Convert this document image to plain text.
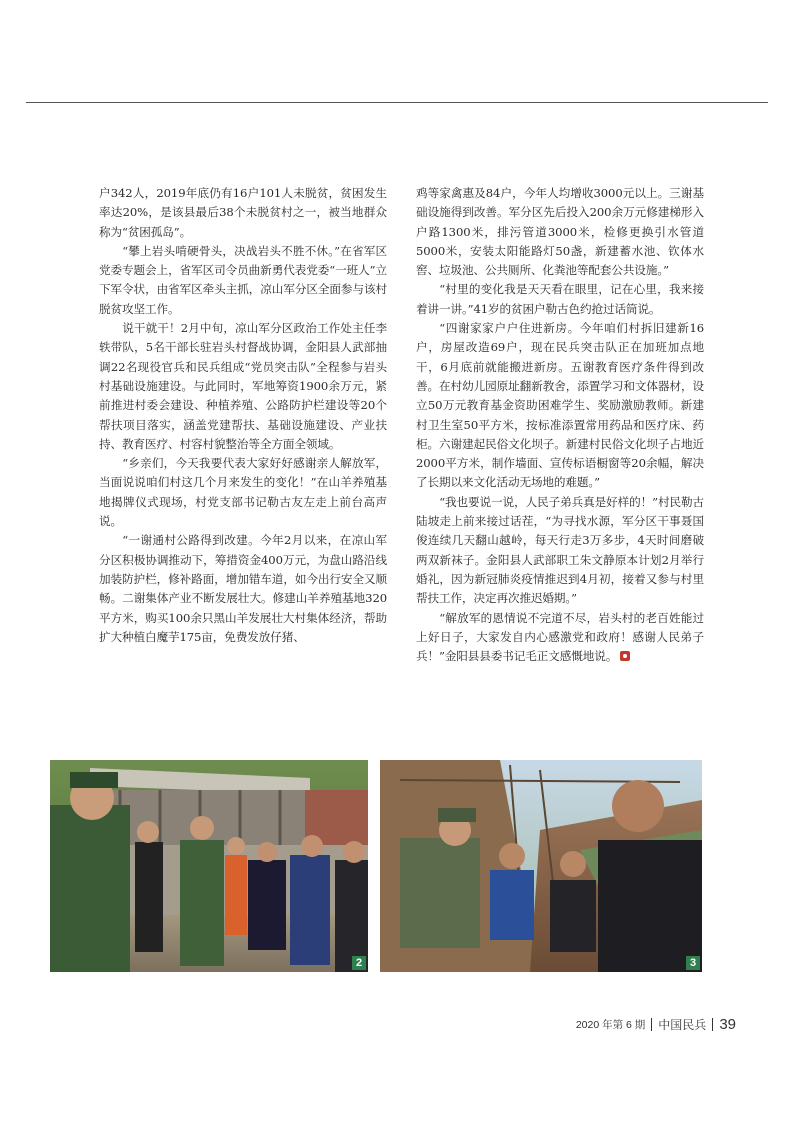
户342人，2019年底仍有16户101人未脱贫，贫困发生率达20%，是该县最后38个未脱贫村之一，被当地群众称为“贫困孤岛”。

“攀上岩头啃硬骨头，决战岩头不胜不休。”在省军区党委专题会上，省军区司令员曲新勇代表党委“一班人”立下军令状，由省军区牵头主抓，凉山军分区全面参与该村脱贫攻坚工作。

说干就干！2月中旬，凉山军分区政治工作处主任李轶带队，5名干部长驻岩头村督战协调，金阳县人武部抽调22名现役官兵和民兵组成“党员突击队”全程参与岩头村基础设施建设。与此同时，军地筹资1900余万元，紧前推进村委会建设、种植养殖、公路防护栏建设等20个帮扶项目落实，涵盖党建帮扶、基础设施建设、产业扶持、教育医疗、村容村貌整治等全方面全领域。

“乡亲们，今天我要代表大家好好感谢亲人解放军，当面说说咱们村这几个月来发生的变化！”在山羊养殖基地揭牌仪式现场，村党支部书记勒古友左走上前台高声说。

“一谢通村公路得到改建。今年2月以来，在凉山军分区积极协调推动下，筹措资金400万元，为盘山路沿线加装防护栏，修补路面，增加错车道，如今出行安全又顺畅。二谢集体产业不断发展壮大。修建山羊养殖基地320平方米，购买100余只黑山羊发展壮大村集体经济，帮助扩大种植白魔芋175亩，免费发放仔猪、

鸡等家禽惠及84户，今年人均增收3000元以上。三谢基础设施得到改善。军分区先后投入200余万元修建梯形入户路1300米，排污管道3000米，检修更换引水管道5000米，安装太阳能路灯50盏，新建蓄水池、钦体水窖、垃圾池、公共厕所、化粪池等配套公共设施。”

“村里的变化我是天天看在眼里，记在心里，我来接着讲一讲。”41岁的贫困户勒古色约抢过话筒说。

“四谢家家户户住进新房。今年咱们村拆旧建新16户，房屋改造69户，现在民兵突击队正在加班加点地干，6月底前就能搬进新房。五谢教育医疗条件得到改善。在村幼儿园原址翻新教舍，添置学习和文体器材，设立50万元教育基金资助困难学生、奖励激励教师。新建村卫生室50平方米，按标准添置常用药品和医疗床、药柜。六谢建起民俗文化坝子。新建村民俗文化坝子占地近2000平方米，制作墙面、宣传标语橱窗等20余幅，解决了长期以来文化活动无场地的难题。”

“我也要说一说，人民子弟兵真是好样的！”村民勒古陆坡走上前来接过话茬，“为寻找水源，军分区干事聂国俊连续几天翻山越岭，每天行走3万多步，4天时间磨破两双新袜子。金阳县人武部职工朱文静原本计划2月举行婚礼，因为新冠肺炎疫情推迟到4月初，接着又参与村里帮扶工作，决定再次推迟婚期。”

“解放军的恩情说不完道不尽，岩头村的老百姓能过上好日子，大家发自内心感激党和政府！感谢人民弟子兵！”金阳县县委书记毛正文感慨地说。

2	3
2020 年第 6 期 中国民兵 39
